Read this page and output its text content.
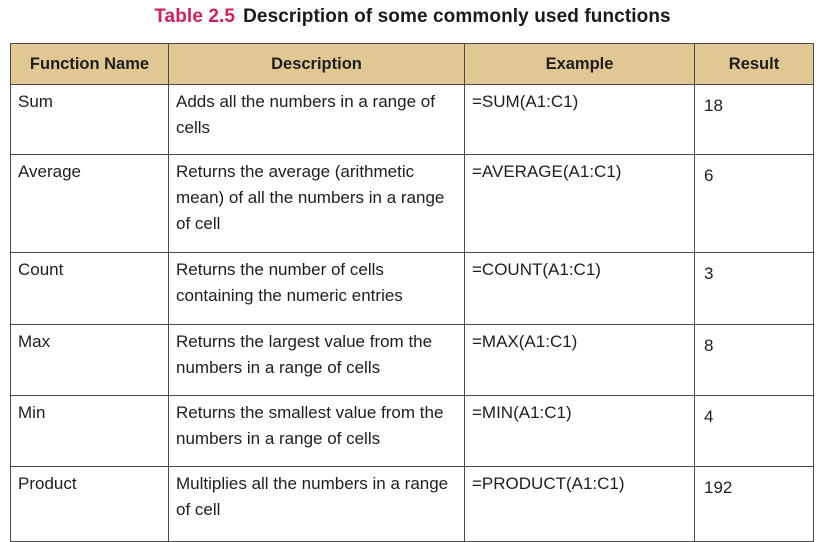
Table 2.5 Description of some commonly used functions
Function Name	Description	Example	Result
Sum	Adds all the numbers in a range of cells	=SUM(A1:C1)	18
Average	Returns the average (arithmetic mean) of all the numbers in a range of cell	=AVERAGE(A1:C1)	6
Count	Returns the number of cells containing the numeric entries	=COUNT(A1:C1)	3
Max	Returns the largest value from the numbers in a range of cells	=MAX(A1:C1)	8
Min	Returns the smallest value from the numbers in a range of cells	=MIN(A1:C1)	4
Product	Multiplies all the numbers in a range of cell	=PRODUCT(A1:C1)	192
